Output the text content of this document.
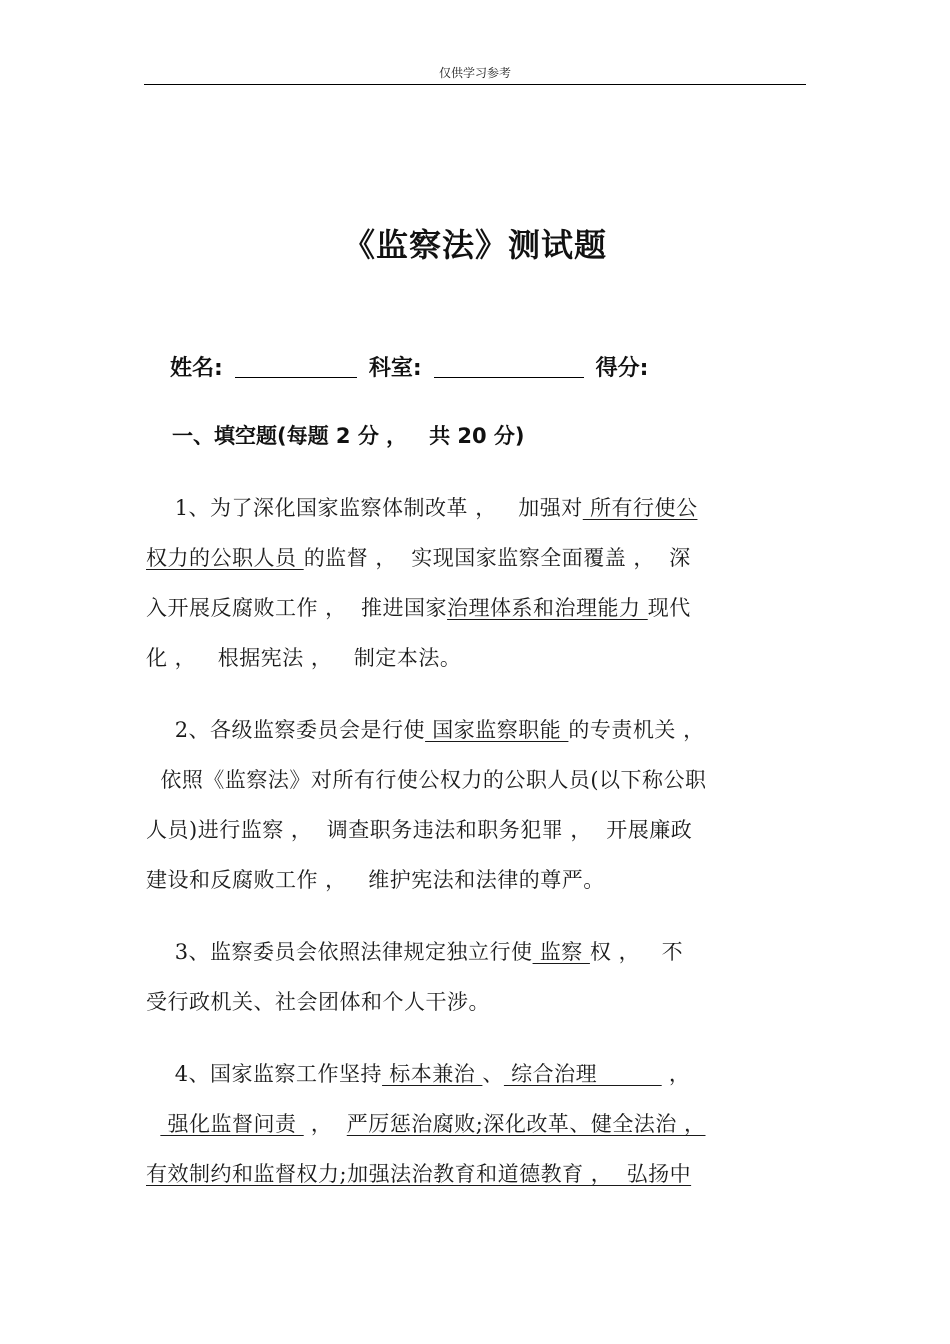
仅供学习参考
《监察法》测试题
姓名:	科室:	得分:
一、填空题(每题 2 分 ，   共 20 分)
1、为了深化国家监察体制改革 ，   加强对 所有行使公
权力的公职人员 的监督 ，  实现国家监察全面覆盖 ，  深
入开展反腐败工作 ，  推进国家治理体系和治理能力 现代
化 ，   根据宪法 ，   制定本法。
2、各级监察委员会是行使 国家监察职能 的专责机关 ，
依照《监察法》对所有行使公权力的公职人员(以下称公职
人员)进行监察 ，  调查职务违法和职务犯罪 ，  开展廉政
建设和反腐败工作 ，   维护宪法和法律的尊严。
3、监察委员会依照法律规定独立行使 监察 权 ，   不
受行政机关、社会团体和个人干涉。
4、国家监察工作坚持 标本兼治 、 综合治理          ，
强化监督问责  ，  严厉惩治腐败;深化改革、健全法治 ，
有效制约和监督权力;加强法治教育和道德教育 ，  弘扬中
